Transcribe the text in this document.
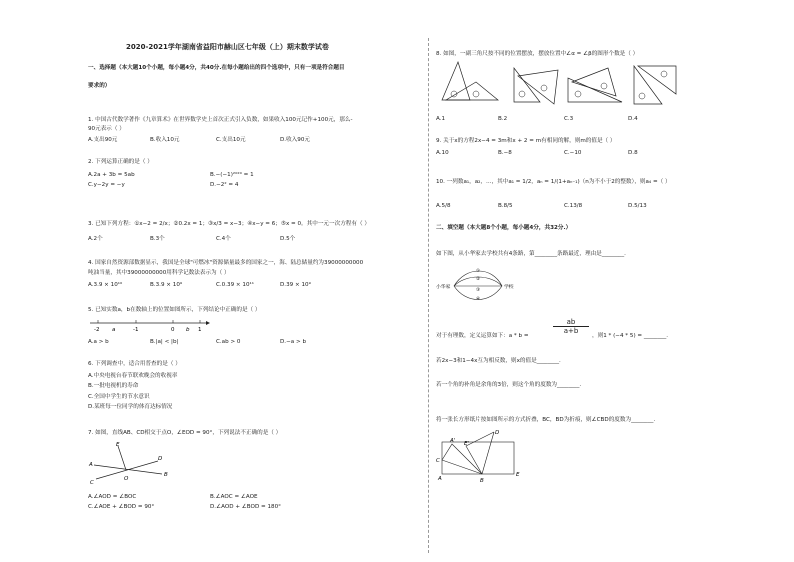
2020-2021学年湖南省益阳市赫山区七年级（上）期末数学试卷
一、选择题（本大题10个小题，每小题4分，共40分.在每小题给出的四个选项中，只有一项是符合题目
要求的）
1. 中国古代数学著作《九章算术》在世界数学史上首次正式引入负数，如果收入100元记作+100元，那么-
90元表示（ ）
A.支出90元	B.收入10元	C.支出10元	D.收入90元
2. 下列运算正确的是（ ）
A.2a + 3b = 5ab	B.−(−1)²⁰²⁰ = 1
C.y−2y = −y	D.−2² = 4
3. 已知下列方程：①x−2 = 2/x；②0.2x = 1；③x/3 = x−3；④x−y = 6；⑤x = 0。其中一元一次方程有（ ）
A.2个	B.3个	C.4个	D.5个
4. 国家自然资源部数据显示，我国是全球"可燃冰"资源储量最多的国家之一，海、陆总储量约为39000000000
吨油当量，其中39000000000用科学记数法表示为（ ）
A.3.9 × 10¹⁰	B.3.9 × 10⁹	C.0.39 × 10¹¹	D.39 × 10⁹
5. 已知实数a，b在数轴上的位置如图所示，下列结论中正确的是（ ）
-2 a	-1	0 b 1
A.a > b	B.|a| < |b|	C.ab > 0	D.−a > b
6. 下列调查中，适合用普查的是（ ）
A.中央电视台春节联欢晚会的收视率
B.一批电视机的寿命
C.全国中学生的节水意识
D.某班每一位同学的体育达标情况
7. 如图，直线AB、CD相交于点O，∠EOD = 90°，下列说法不正确的是（ ）
E
A
C
O
B
D
A.∠AOD = ∠BOC	B.∠AOC = ∠AOE
C.∠AOE + ∠BOD = 90°	D.∠AOD + ∠BOD = 180°
8. 如图，一副三角尺按不同的位置摆放，摆放位置中∠α = ∠β的图形个数是（ ）
A.1	B.2	C.3	D.4
9. 关于x的方程2x−4 = 3m和x + 2 = m有相同的解，则m的值是（ ）
A.10	B.−8	C.−10	D.8
10. 一列数a₁，a₂，…，其中a₁ = 1/2，aₙ = 1/(1+aₙ₋₁)（n为不小于2的整数），则a₄ =（ ）
A.5/8	B.8/5	C.13/8	D.5/13
二、填空题（本大题8个小题，每小题4分，共32分.）
如下图，从小华家去学校共有4条路，第________条路最近，理由是________.
小华家	学校
①
②
③
④
对于有理数，定义运算如下：a * b =
$\frac{ab}{a+b}$
，则1 * (−4 * 5) = ________.
若2x−3和1−4x互为相反数，则x的值是________.
若一个角的补角是余角的3倍，则这个角的度数为________.
将一张长方形纸片按如图所示的方式折叠，BC，BD为折痕，则∠CBD的度数为________.
D
A' E'
C
E
A	B
